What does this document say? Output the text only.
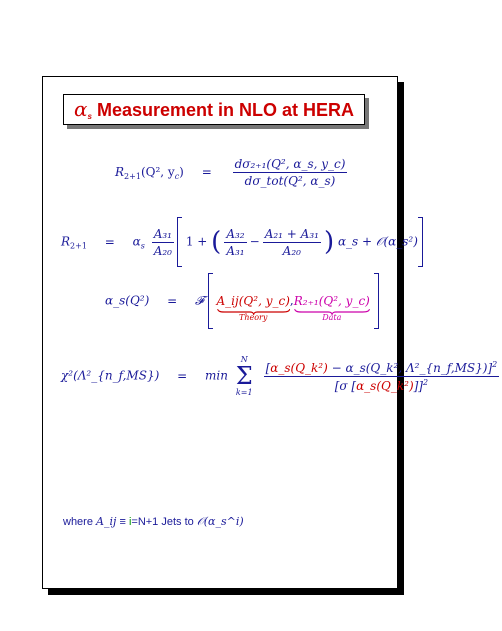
$\alpha_s$ Measurement in NLO at HERA
$R_{2+1}(Q^2$, $y_c) = \frac{\text{dσ₂₊₁(Q², α\_s, y\_c)}}{\text{dσ\_tot(Q², α\_s)}}$
$R_{2+1} = \alpha_s \frac{\text{A₃₁}}{\text{A₂₀}} 1$ + ( $\frac{\text{A₃₂}}{\text{A₃₁}} - \frac{\text{A₂₁ + A₃₁}}{\text{A₂₀}}$ ) α_s + 𝒪(α_s²)
α_s(Q²) = 𝓕 A_ij(Q², y_c)
Theory
,R₂₊₁(Q², y_c)
Data

χ²(Λ²_{n_f,MS}) = min
N
Σ
k=1
$\frac{[\alpha\_s(Q\_k^2) - \alpha\_s(Q\_k^2, \Lambda^2\_\{n\_f,MS\})]^2}{[\sigma [\alpha\_s(Q\_k^2)]]^2}$
where A_ij ≡ i=N+1 Jets to 𝒪(α_s^i)
